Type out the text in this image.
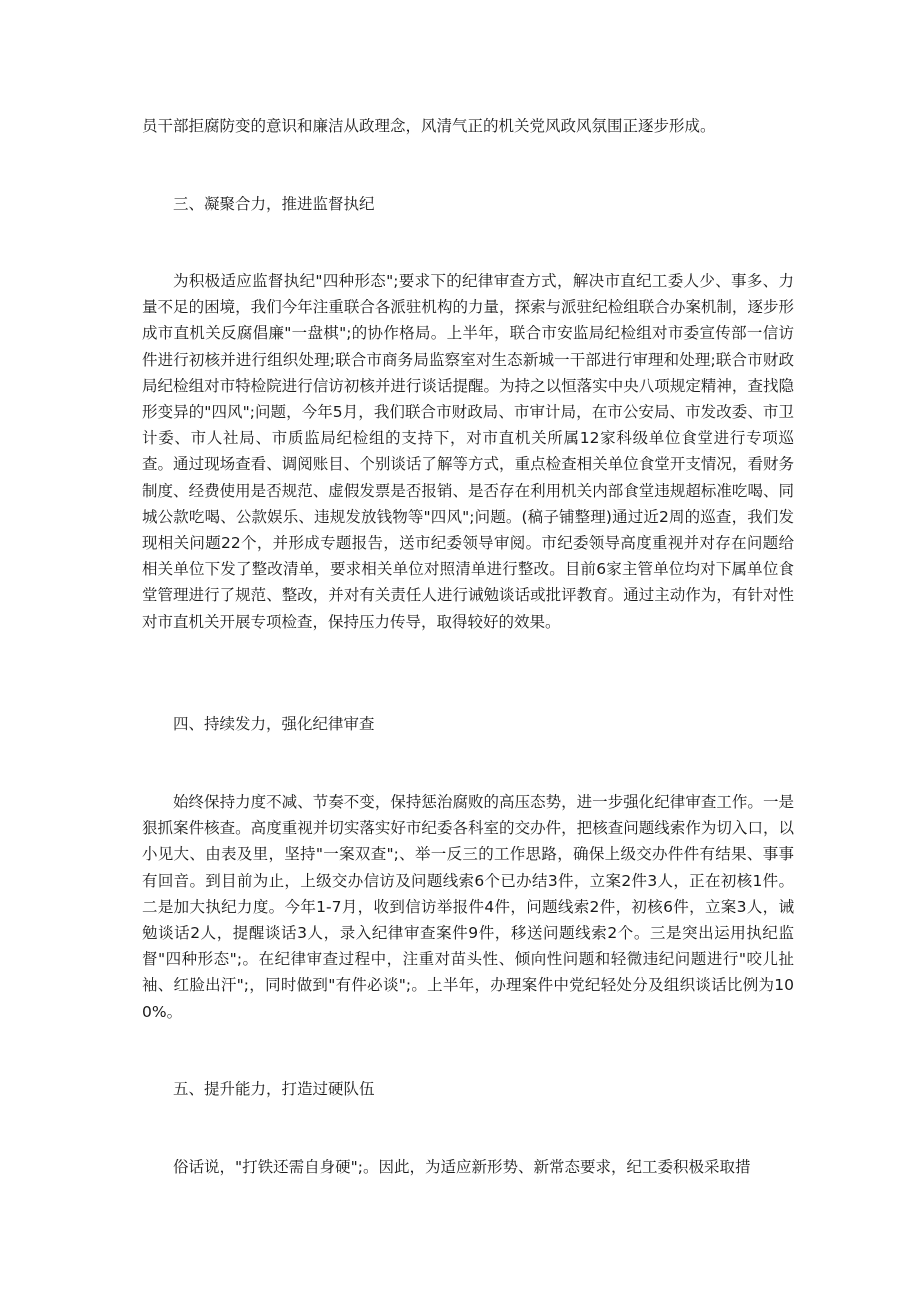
员干部拒腐防变的意识和廉洁从政理念，风清气正的机关党风政风氛围正逐步形成。

三、凝聚合力，推进监督执纪

为积极适应监督执纪"四种形态";要求下的纪律审查方式，解决市直纪工委人少、事多、力量不足的困境，我们今年注重联合各派驻机构的力量，探索与派驻纪检组联合办案机制，逐步形成市直机关反腐倡廉"一盘棋";的协作格局。上半年，联合市安监局纪检组对市委宣传部一信访件进行初核并进行组织处理;联合市商务局监察室对生态新城一干部进行审理和处理;联合市财政局纪检组对市特检院进行信访初核并进行谈话提醒。为持之以恒落实中央八项规定精神，查找隐形变异的"四风";问题，今年5月，我们联合市财政局、市审计局，在市公安局、市发改委、市卫计委、市人社局、市质监局纪检组的支持下，对市直机关所属12家科级单位食堂进行专项巡查。通过现场查看、调阅账目、个别谈话了解等方式，重点检查相关单位食堂开支情况，看财务制度、经费使用是否规范、虚假发票是否报销、是否存在利用机关内部食堂违规超标准吃喝、同城公款吃喝、公款娱乐、违规发放钱物等"四风";问题。(稿子铺整理)通过近2周的巡查，我们发现相关问题22个，并形成专题报告，送市纪委领导审阅。市纪委领导高度重视并对存在问题给相关单位下发了整改清单，要求相关单位对照清单进行整改。目前6家主管单位均对下属单位食堂管理进行了规范、整改，并对有关责任人进行诫勉谈话或批评教育。通过主动作为，有针对性对市直机关开展专项检查，保持压力传导，取得较好的效果。

四、持续发力，强化纪律审查

始终保持力度不减、节奏不变，保持惩治腐败的高压态势，进一步强化纪律审查工作。一是狠抓案件核查。高度重视并切实落实好市纪委各科室的交办件，把核查问题线索作为切入口，以小见大、由表及里，坚持"一案双查";、举一反三的工作思路，确保上级交办件件有结果、事事有回音。到目前为止，上级交办信访及问题线索6个已办结3件，立案2件3人，正在初核1件。二是加大执纪力度。今年1-7月，收到信访举报件4件，问题线索2件，初核6件，立案3人，诫勉谈话2人，提醒谈话3人，录入纪律审查案件9件，移送问题线索2个。三是突出运用执纪监督"四种形态";。在纪律审查过程中，注重对苗头性、倾向性问题和轻微违纪问题进行"咬儿扯袖、红脸出汗";，同时做到"有件必谈";。上半年，办理案件中党纪轻处分及组织谈话比例为100%。

五、提升能力，打造过硬队伍

俗话说，"打铁还需自身硬";。因此，为适应新形势、新常态要求，纪工委积极采取措
